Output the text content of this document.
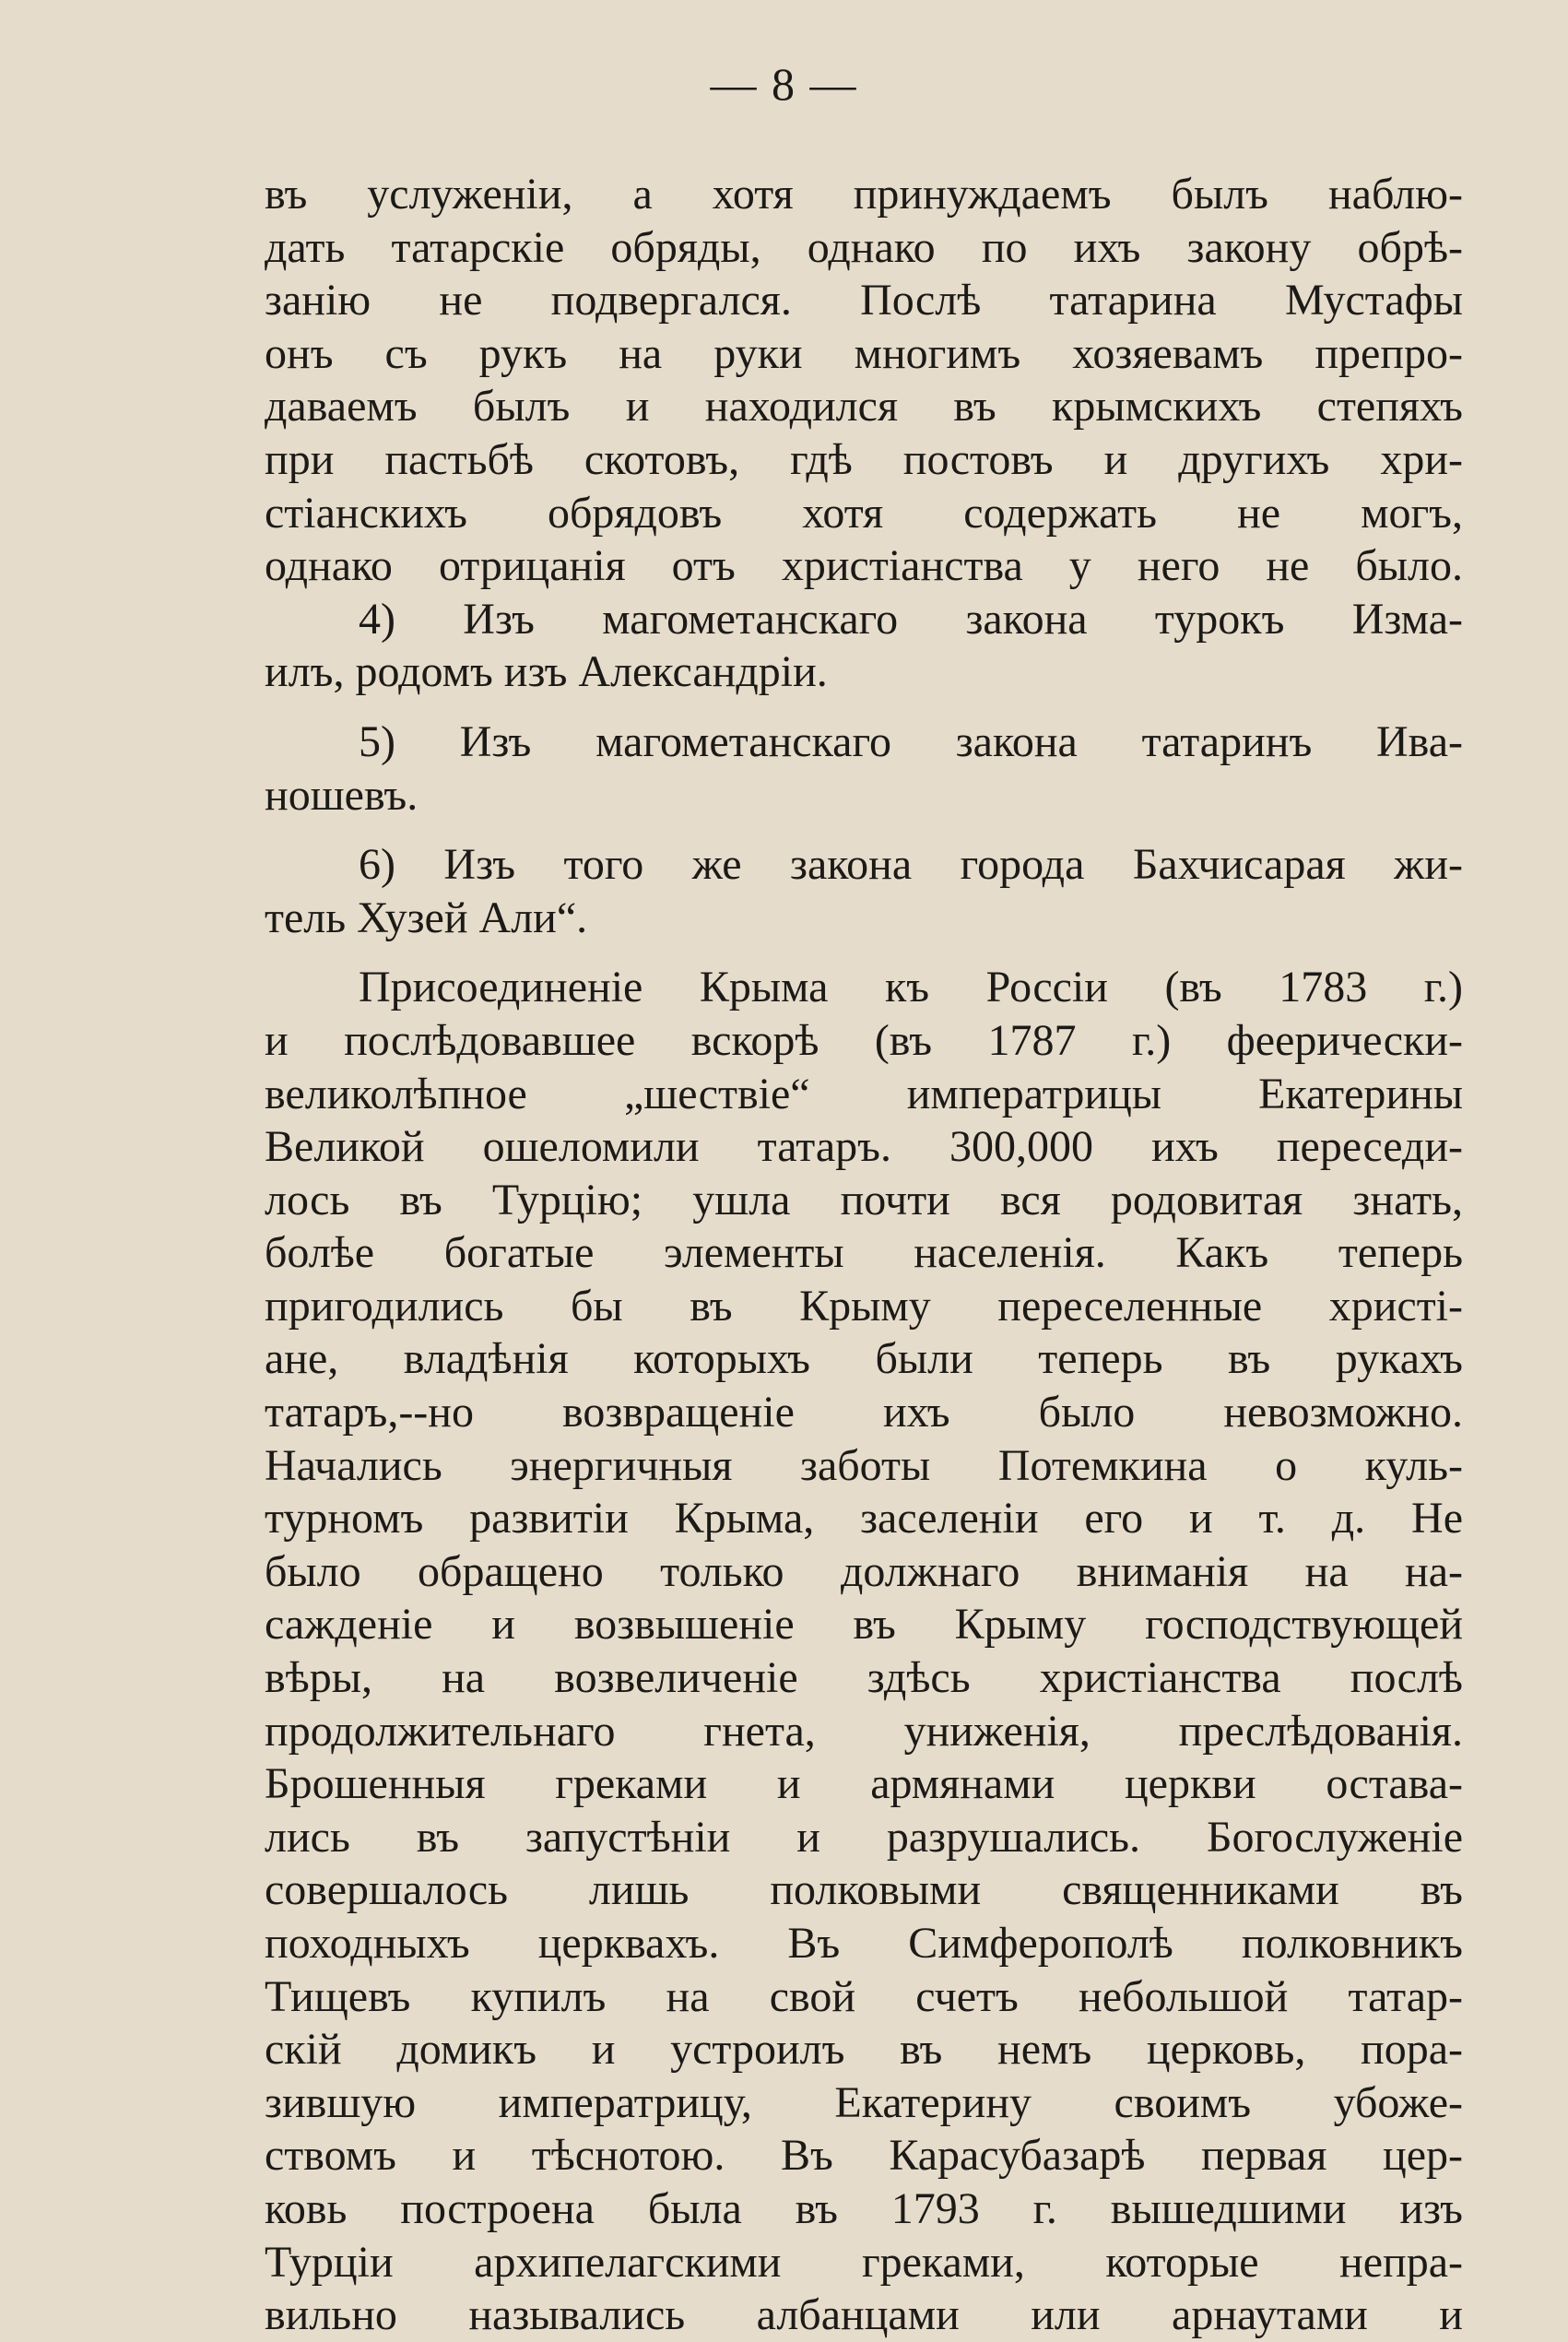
— 8 —
въ услуженіи, а хотя принуждаемъ былъ наблю-
дать татарскіе обряды, однако по ихъ закону обрѣ-
занію не подвергался. Послѣ татарина Мустафы
онъ съ рукъ на руки многимъ хозяевамъ препро-
даваемъ былъ и находился въ крымскихъ степяхъ
при пастьбѣ скотовъ, гдѣ постовъ и другихъ хри-
стіанскихъ обрядовъ хотя содержать не могъ,
однако отрицанія отъ христіанства у него не было.
4) Изъ магометанскаго закона турокъ Изма-
илъ, родомъ изъ Александріи.
5) Изъ магометанскаго закона татаринъ Ива-
ношевъ.
6) Изъ того же закона города Бахчисарая жи-
тель Хузей Али“.
Присоединеніе Крыма къ Россіи (въ 1783 г.)
и послѣдовавшее вскорѣ (въ 1787 г.) феерически-
великолѣпное „шествіе“ императрицы Екатерины
Великой ошеломили татаръ. 300,000 ихъ переседи-
лось въ Турцію; ушла почти вся родовитая знать,
болѣе богатые элементы населенія. Какъ теперь
пригодились бы въ Крыму переселенные христі-
ане, владѣнія которыхъ были теперь въ рукахъ
татаръ,--но возвращеніе ихъ было невозможно.
Начались энергичныя заботы Потемкина о куль-
турномъ развитіи Крыма, заселеніи его и т. д. Не
было обращено только должнаго вниманія на на-
сажденіе и возвышеніе въ Крыму господствующей
вѣры, на возвеличеніе здѣсь христіанства послѣ
продолжительнаго гнета, униженія, преслѣдованія.
Брошенныя греками и армянами церкви остава-
лись въ запустѣніи и разрушались. Богослуженіе
совершалось лишь полковыми священниками въ
походныхъ церквахъ. Въ Симферополѣ полковникъ
Тищевъ купилъ на свой счетъ небольшой татар-
скій домикъ и устроилъ въ немъ церковь, пора-
зившую императрицу, Екатерину своимъ убоже-
ствомъ и тѣснотою. Въ Карасубазарѣ первая цер-
ковь построена была въ 1793 г. вышедшими изъ
Турціи архипелагскими греками, которые непра-
вильно назывались албанцами или арнаутами и
